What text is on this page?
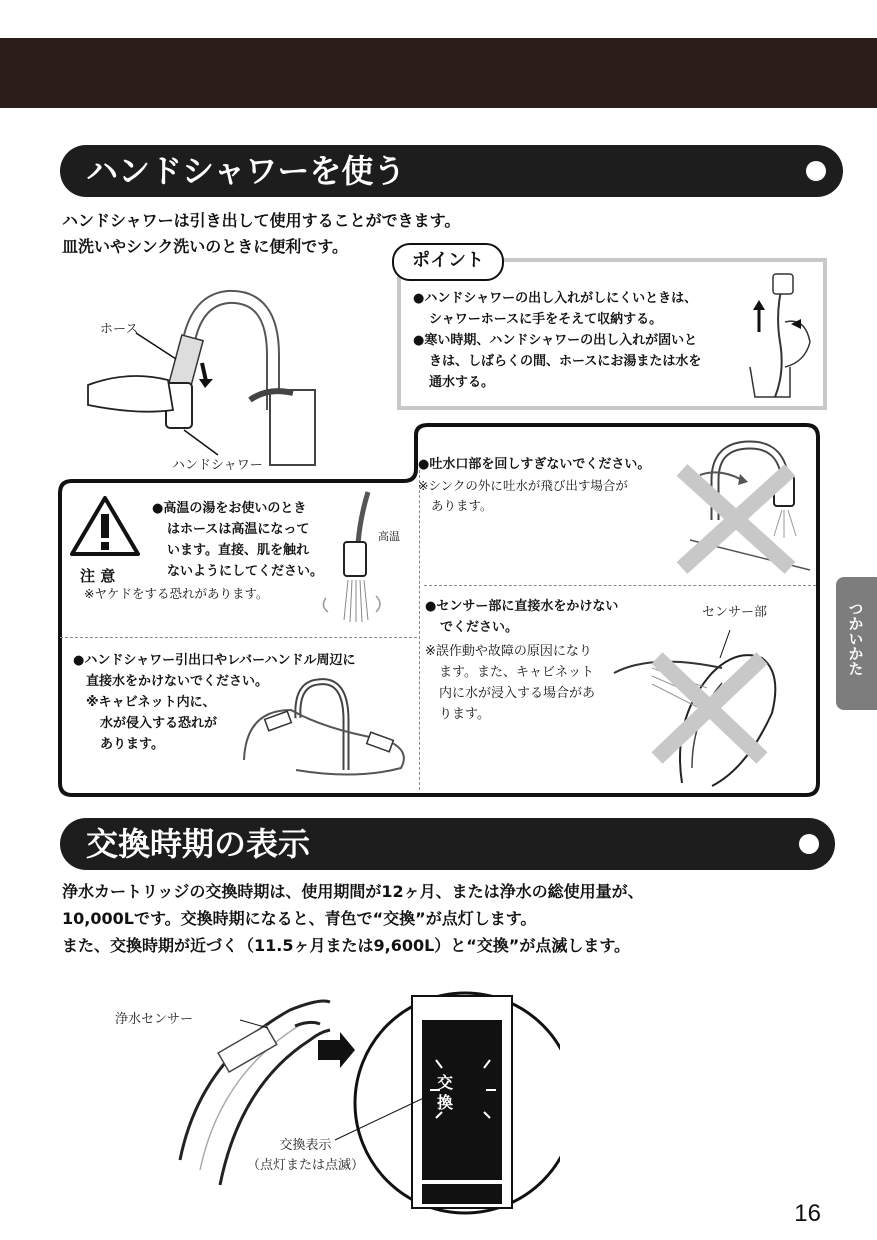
ハンドシャワーを使う
ハンドシャワーは引き出して使用することができます。
皿洗いやシンク洗いのときに便利です。
ホース
ハンドシャワー
ポイント
●ハンドシャワーの出し入れがしにくいときは、
シャワーホースに手をそえて収納する。
●寒い時期、ハンドシャワーの出し入れが固いと
きは、しばらくの間、ホースにお湯または水を
通水する。
注 意
●高温の湯をお使いのとき
はホースは高温になって
います。直接、肌を触れ
ないようにしてください。
※ヤケドをする恐れがあります。
高温
●吐水口部を回しすぎないでください。
※シンクの外に吐水が飛び出す場合が
あります。
●ハンドシャワー引出口やレバーハンドル周辺に
直接水をかけないでください。
※キャビネット内に、
水が侵入する恐れが
あります。
●センサー部に直接水をかけない
でください。
※誤作動や故障の原因になり
ます。また、キャビネット
内に水が浸入する場合があ
ります。
センサー部	つかいかた
交換時期の表示
浄水カートリッジの交換時期は、使用期間が12ヶ月、または浄水の総使用量が、
10,000Lです。交換時期になると、青色で“交換”が点灯します。
また、交換時期が近づく（11.5ヶ月または9,600L）と“交換”が点滅します。
交
換
浄水センサー
交換表示
（点灯または点滅）
16
